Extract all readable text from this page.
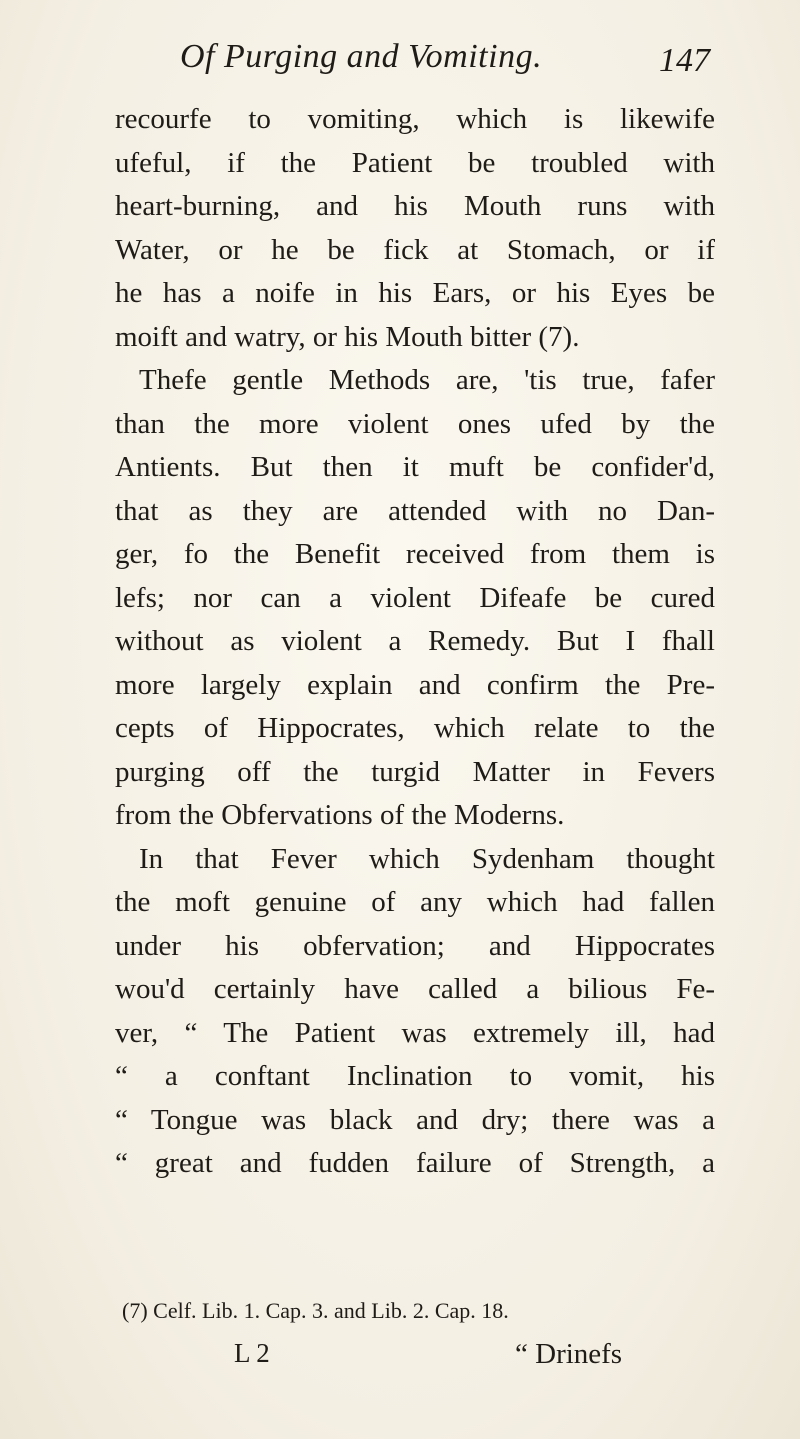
Of Purging and Vomiting.	147
recourfe to vomiting, which is likewife
ufeful, if the Patient be troubled with
heart-burning, and his Mouth runs with
Water, or he be fick at Stomach, or if
he has a noife in his Ears, or his Eyes be
moift and watry, or his Mouth bitter (7).
Thefe gentle Methods are, 'tis true, fafer
than the more violent ones ufed by the
Antients. But then it muft be confider'd,
that as they are attended with no Dan-
ger, fo the Benefit received from them is
lefs; nor can a violent Difeafe be cured
without as violent a Remedy. But I fhall
more largely explain and confirm the Pre-
cepts of Hippocrates, which relate to the
purging off the turgid Matter in Fevers
from the Obfervations of the Moderns.
In that Fever which Sydenham thought
the moft genuine of any which had fallen
under his obfervation; and Hippocrates
wou'd certainly have called a bilious Fe-
ver, “ The Patient was extremely ill, had
“ a conftant Inclination to vomit, his
“ Tongue was black and dry; there was a
“ great and fudden failure of Strength, a
(7) Celf. Lib. 1. Cap. 3. and Lib. 2. Cap. 18.
L 2	“ Drinefs
